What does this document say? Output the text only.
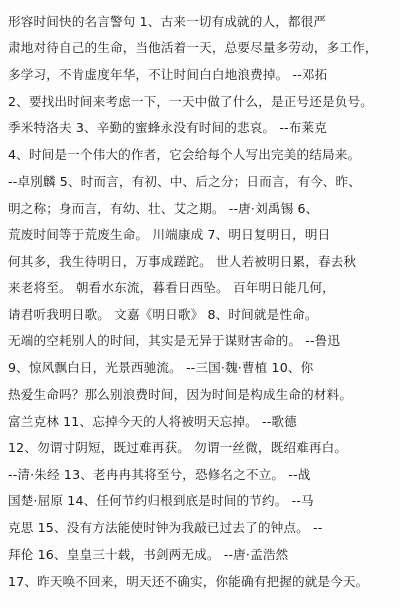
形容时间快的名言警句 1、古来一切有成就的人，都很严
肃地对待自己的生命，当他活着一天，总要尽量多劳动，多工作，
多学习，不肯虚度年华，不让时间白白地浪费掉。 --邓拓
2、要找出时间来考虑一下，一天中做了什么，是正号还是负号。
季米特洛夫 3、辛勤的蜜蜂永没有时间的悲哀。 --布莱克
4、时间是一个伟大的作者，它会给每个人写出完美的结局来。
--卓別麟 5、时而言，有初、中、后之分；日而言，有今、昨、
明之称；身而言，有幼、壮、艾之期。 --唐·刘禹锡 6、
荒废时间等于荒废生命。 川端康成 7、明日复明日，明日
何其多，我生待明日，万事成蹉跎。 世人若被明日累，春去秋
来老将至。 朝看水东流，暮看日西坠。 百年明日能几何，
请君听我明日歌。 文嘉《明日歌》 8、时间就是性命。
无端的空耗别人的时间，其实是无异于谋财害命的。 --鲁迅
9、惊风飘白日，光景西驰流。 --三国·魏·曹植 10、你
热爱生命吗？那么别浪费时间，因为时间是构成生命的材料。
富兰克林 11、忘掉今天的人将被明天忘掉。 --歌德
12、勿谓寸阴短，既过难再获。 勿谓一丝微，既绍难再白。
--清·朱经 13、老冉冉其将至兮，恐修名之不立。 --战
国楚·屈原 14、任何节约归根到底是时间的节约。 --马
克思 15、没有方法能使时钟为我敲已过去了的钟点。 --
拜伦 16、皇皇三十载，书剑两无成。 --唐·孟浩然
17、昨天唤不回来，明天还不确实，你能确有把握的就是今天。
